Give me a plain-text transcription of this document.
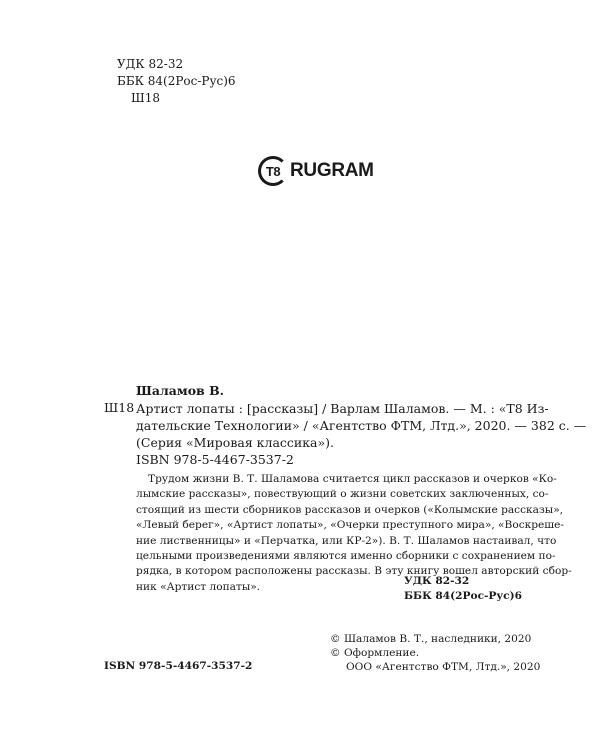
УДК 82-32
ББК 84(2Рос-Рус)6
Ш18
T8 RUGRAM
Шаламов В.
Ш18 Артист лопаты : [рассказы] / Варлам Шаламов. — М. : «Т8 Из-
дательские Технологии» / «Агентство ФТМ, Лтд.», 2020. — 382 с. —
(Серия «Мировая классика»).
ISBN 978-5-4467-3537-2
Трудом жизни В. Т. Шаламова считается цикл рассказов и очерков «Ко-
лымские рассказы», повествующий о жизни советских заключенных, со-
стоящий из шести сборников рассказов и очерков («Колымские рассказы»,
«Левый берег», «Артист лопаты», «Очерки преступного мира», «Воскреше-
ние лиственницы» и «Перчатка, или КР-2»). В. Т. Шаламов настаивал, что
цельными произведениями являются именно сборники с сохранением по-
рядка, в котором расположены рассказы. В эту книгу вошел авторский сбор-
ник «Артист лопаты».	УДК 82-32
ББК 84(2Рос-Рус)6
© Шаламов В. Т., наследники, 2020
© Оформление.
ООО «Агентство ФТМ, Лтд.», 2020
ISBN 978-5-4467-3537-2
